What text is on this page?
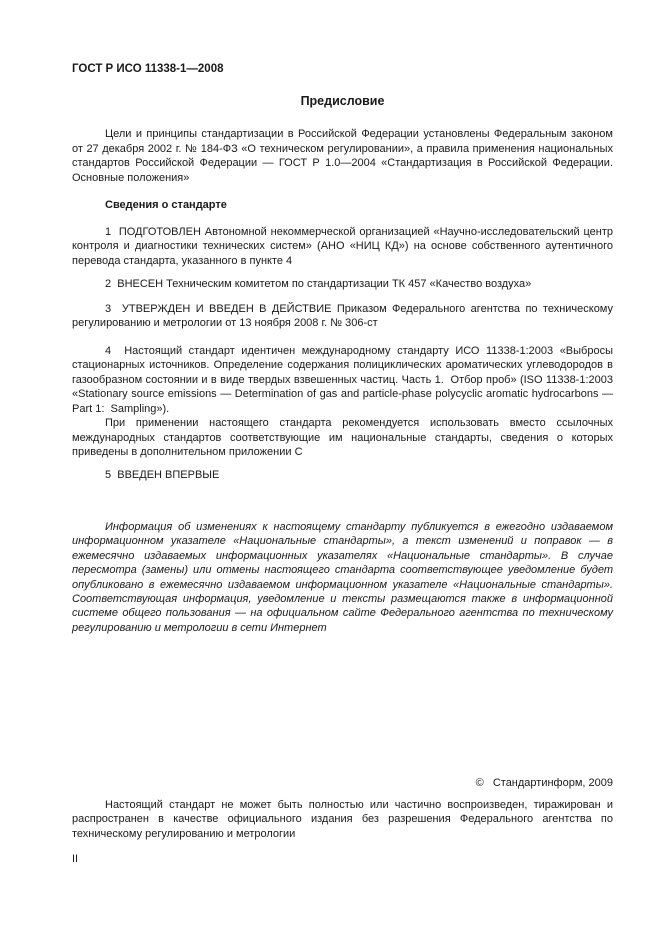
ГОСТ Р ИСО 11338-1—2008
Предисловие

Цели и принципы стандартизации в Российской Федерации установлены Федеральным законом от 27 декабря 2002 г. № 184-ФЗ «О техническом регулировании», а правила применения национальных стандартов Российской Федерации — ГОСТ Р 1.0—2004 «Стандартизация в Российской Федерации. Основные положения»

Сведения о стандарте

1  ПОДГОТОВЛЕН Автономной некоммерческой организацией «Научно-исследовательский центр контроля и диагностики технических систем» (АНО «НИЦ КД») на основе собственного аутентичного перевода стандарта, указанного в пункте 4

2  ВНЕСЕН Техническим комитетом по стандартизации ТК 457 «Качество воздуха»

3  УТВЕРЖДЕН И ВВЕДЕН В ДЕЙСТВИЕ Приказом Федерального агентства по техническому регулированию и метрологии от 13 ноября 2008 г. № 306-ст

4  Настоящий стандарт идентичен международному стандарту ИСО 11338-1:2003 «Выбросы стационарных источников. Определение содержания полициклических ароматических углеводородов в газообразном состоянии и в виде твердых взвешенных частиц. Часть 1.  Отбор проб» (ISO 11338-1:2003 «Stationary source emissions — Determination of gas and particle-phase polycyclic aromatic hydrocarbons — Part 1:  Sampling»).

При применении настоящего стандарта рекомендуется использовать вместо ссылочных международных стандартов соответствующие им национальные стандарты, сведения о которых приведены в дополнительном приложении С

5  ВВЕДЕН ВПЕРВЫЕ

Информация об изменениях к настоящему стандарту публикуется в ежегодно издаваемом информационном указателе «Национальные стандарты», а текст изменений и поправок — в ежемесячно издаваемых информационных указателях «Национальные стандарты». В случае пересмотра (замены) или отмены настоящего стандарта соответствующее уведомление будет опубликовано в ежемесячно издаваемом информационном указателе «Национальные стандарты». Соответствующая информация, уведомление и тексты размещаются также в информационной системе общего пользования — на официальном сайте Федерального агентства по техническому регулированию и метрологии в сети Интернет

©   Стандартинформ, 2009

Настоящий стандарт не может быть полностью или частично воспроизведен, тиражирован и распространен в качестве официального издания без разрешения Федерального агентства по техническому регулированию и метрологии

II
